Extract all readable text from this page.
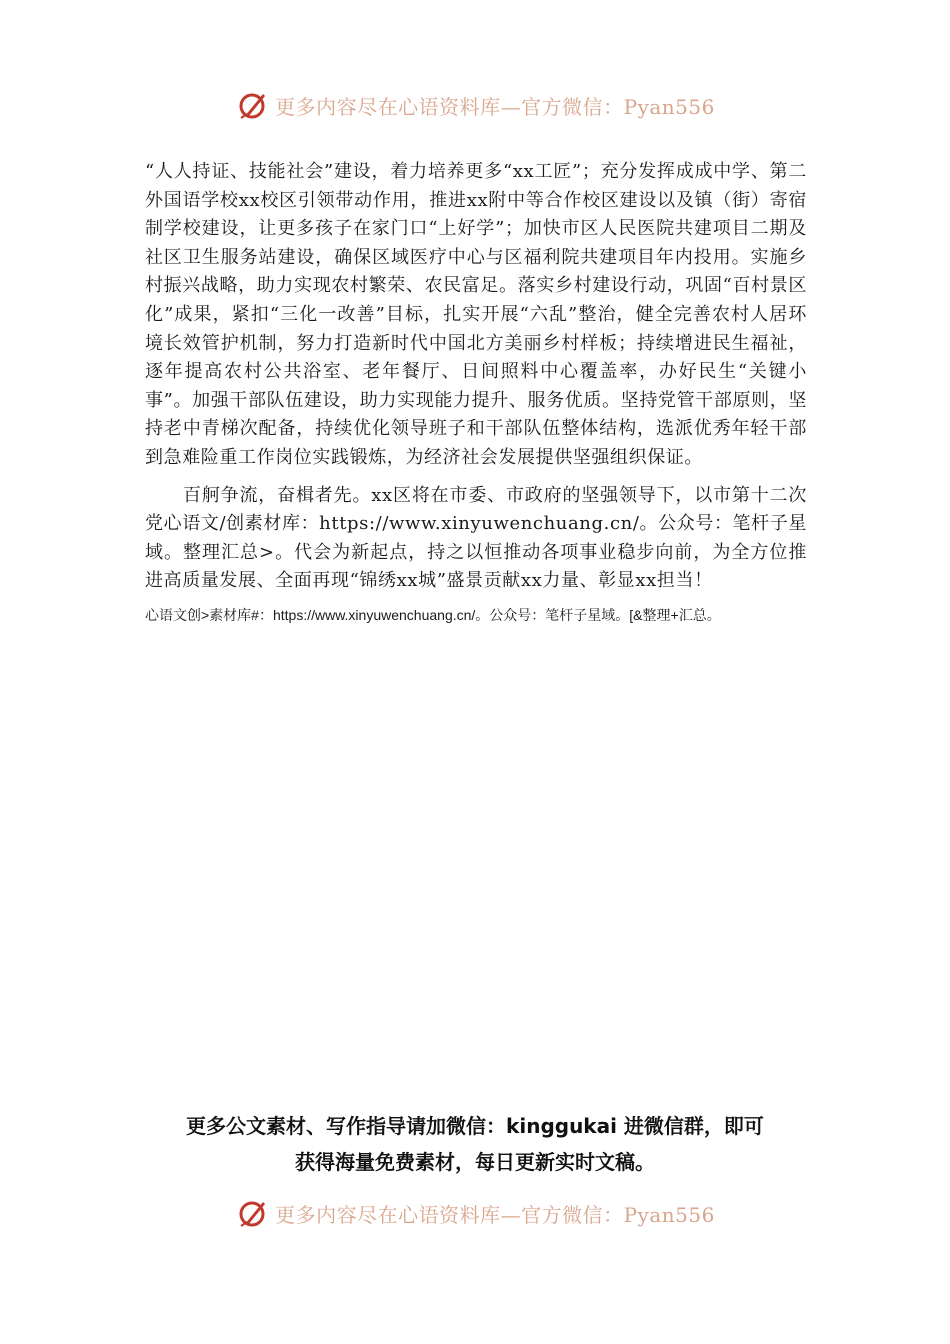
更多内容尽在心语资料库—官方微信：Pyan556

“人人持证、技能社会”建设，着力培养更多“xx工匠”；充分发挥成成中学、第二外国语学校xx校区引领带动作用，推进xx附中等合作校区建设以及镇（街）寄宿制学校建设，让更多孩子在家门口“上好学”；加快市区人民医院共建项目二期及社区卫生服务站建设，确保区域医疗中心与区福利院共建项目年内投用。实施乡村振兴战略，助力实现农村繁荣、农民富足。落实乡村建设行动，巩固“百村景区化”成果，紧扣“三化一改善”目标，扎实开展“六乱”整治，健全完善农村人居环境长效管护机制，努力打造新时代中国北方美丽乡村样板；持续增进民生福祉，逐年提高农村公共浴室、老年餐厅、日间照料中心覆盖率，办好民生“关键小事”。加强干部队伍建设，助力实现能力提升、服务优质。坚持党管干部原则，坚持老中青梯次配备，持续优化领导班子和干部队伍整体结构，选派优秀年轻干部到急难险重工作岗位实践锻炼，为经济社会发展提供坚强组织保证。

百舸争流，奋楫者先。xx区将在市委、市政府的坚强领导下，以市第十二次党心语文/创素材库：https://www.xinyuwenchuang.cn/。公众号：笔杆子星域。整理汇总>。代会为新起点，持之以恒推动各项事业稳步向前，为全方位推进高质量发展、全面再现“锦绣xx城”盛景贡献xx力量、彰显xx担当！

心语文创>素材库#：https://www.xinyuwenchuang.cn/。公众号：笔杆子星域。[&整理+汇总。

更多公文素材、写作指导请加微信：kinggukai 进微信群，即可
获得海量免费素材，每日更新实时文稿。
更多内容尽在心语资料库—官方微信：Pyan556
